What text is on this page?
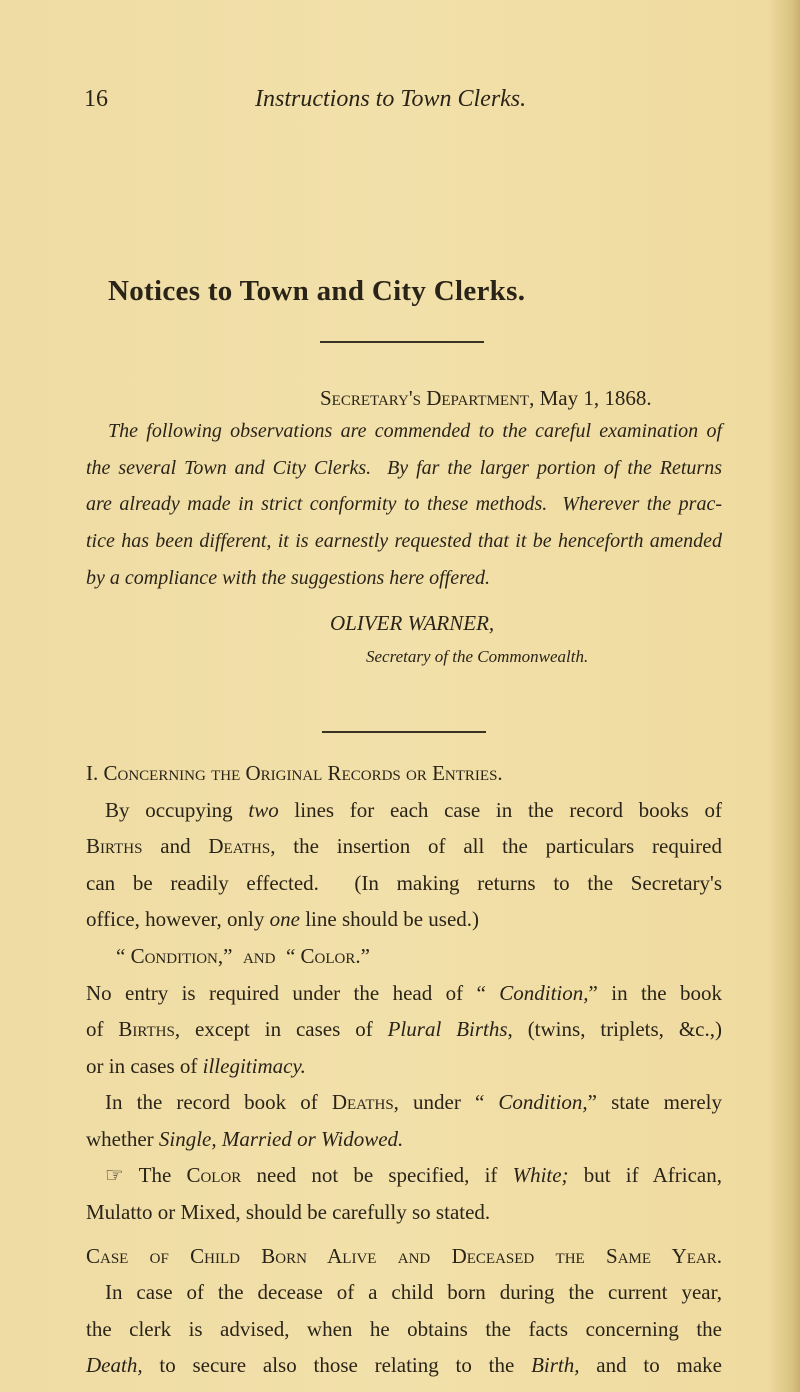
16	Instructions to Town Clerks.
Notices to Town and City Clerks.
Secretary's Department, May 1, 1868.
The following observations are commended to the careful examination of
the several Town and City Clerks.  By far the larger portion of the Returns
are already made in strict conformity to these methods.  Wherever the prac-
tice has been different, it is earnestly requested that it be henceforth amended
by a compliance with the suggestions here offered.
OLIVER WARNER,
Secretary of the Commonwealth.
I. Concerning the Original Records or Entries.
By occupying two lines for each case in the record books of
Births and Deaths, the insertion of all the particulars required
can be readily effected.  (In making returns to the Secretary's
office, however, only one line should be used.)
“ Condition,”  and  “ Color.”
No entry is required under the head of “ Condition,” in the book
of Births, except in cases of Plural Births, (twins, triplets, &c.,)
or in cases of illegitimacy.
In the record book of Deaths, under “ Condition,” state merely
whether Single, Married or Widowed.
☞ The Color need not be specified, if White; but if African,
Mulatto or Mixed, should be carefully so stated.
Case of Child Born Alive and Deceased the Same Year.
In case of the decease of a child born during the current year,
the clerk is advised, when he obtains the facts concerning the
Death, to secure also those relating to the Birth, and to make
